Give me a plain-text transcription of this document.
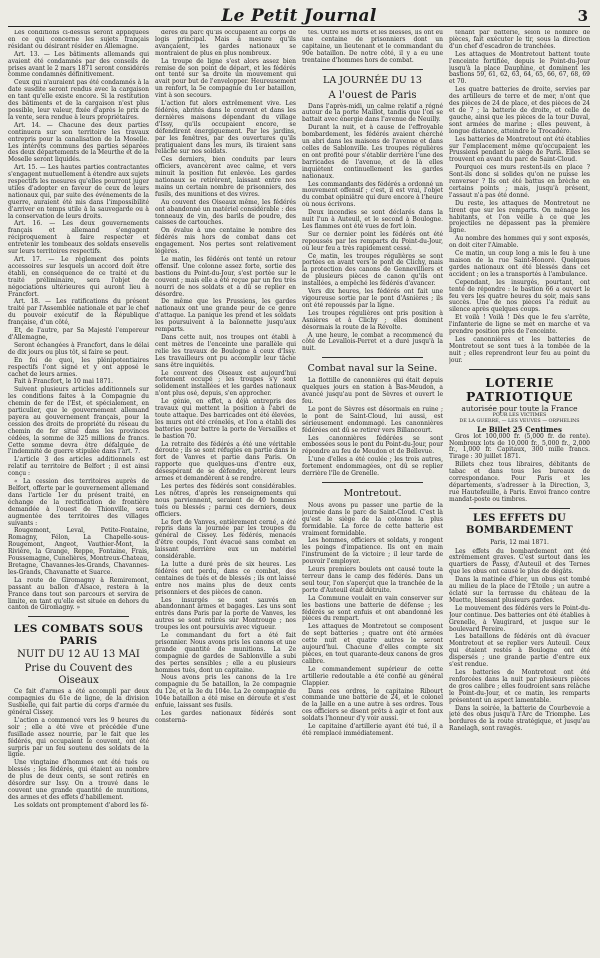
Le Petit Journal	3

Les conditions ci-dessus seront appliquées en ce qui concerne les sujets français résidant ou désirant résider en Allemagne.

Art. 13. — Les bâtiments allemands qui avaient été condamnés par des conseils de prises avant le 2 mars 1871 seront considérés comme condamnés définitivement.

Ceux qui n'auraient pas été condamnés à la date susdite seront rendus avec la cargaison en tant qu'elle existe encore. Si la restitution des bâtiments et de la cargaison n'est plus possible, leur valeur, fixée d'après le prix de la vente, sera rendue à leurs propriétaires.

Art. 14. — Chacune des deux parties continuera sur son territoire les travaux entrepris pour la canalisation de la Moselle. Les intérêts communs des parties séparées des deux départements de la Meurthe et de la Moselle seront liquidés.

Art. 15. — Les hautes parties contractantes s'engagent mutuellement à étendre aux sujets respectifs les mesures qu'elles pourront juger utiles d'adopter en faveur de ceux de leurs nationaux qui, par suite des événements de la guerre, auraient été mis dans l'impossibilité d'arriver en temps utile à la sauvegarde ou à la conservation de leurs droits.

Art. 16. — Les deux gouvernements français et allemand s'engagent réciproquement à faire respecter et entretenir les tombeaux des soldats ensevelis sur leurs territoires respectifs.

Art. 17. — Le règlement des points accessoires sur lesquels un accord doit être établi, en conséquence de ce traité et du traité préliminaire, sera l'objet de négociations ultérieures qui auront lieu à Francfort.

Art. 18. — Les ratifications du présent traité par l'Assemblée nationale et par le chef du pouvoir exécutif de la République française, d'un côté,

Et, de l'autre, par Sa Majesté l'empereur d'Allemagne,

Seront échangées à Francfort, dans le délai de dix jours ou plus tôt, si faire se peut.

En foi de quoi, les plénipotentiaires respectifs l'ont signé et y ont apposé le cachet de leurs armes.

Fait à Francfort, le 10 mai 1871.

Suivent plusieurs articles additionnels sur les conditions faites à la Compagnie du chemin de fer de l'Est, et spécialement, en particulier, que le gouvernement allemand payera au gouvernement français, pour la cession des droits de propriété du réseau du chemin de fer situé dans les provinces cédées, la somme de 325 millions de francs. Cette somme devra être défalquée de l'indemnité de guerre stipulée dans l'art. 7.

L'article 3 des articles additionnels est relatif au territoire de Belfort ; il est ainsi conçu :

« La cession des territoires auprès de Belfort, offerte par le gouvernement allemand dans l'article 1er du présent traité, en échange de la rectification de frontière demandée à l'ouest de Thionville, sera augmentée des territoires des villages suivants :

Rougemont, Leval, Petite-Fontaine, Romagny, Félon, La Chapelle-sous-Rougemont, Angeot, Vauthier-Mont, la Rivière, la Grange, Reppe, Fontaine, Frais, Foussemagne, Cunelières, Montreux-Chateau, Bretagne, Chavannes-les-Grands, Chavannes-les-Grands, Chavanatte et Suarce.

La route de Giromagny à Remiremont, passant au ballon d'Alsace, restera à la France dans tout son parcours et servira de limite, en tant qu'elle est située en dehors du canton de Giromagny. »

LES COMBATS SOUS PARIS
NUIT DU 12 AU 13 MAI
Prise du Couvent des Oiseaux

Ce fait d'armes a été accompli par deux compagnies du 61e de ligne, de la division Susbielle, qui fait partie du corps d'armée du général Cissey.

L'action a commencé vers les 9 heures du soir ; elle a été vive et précédée d'une fusillade assez nourrie, par le fait que les fédérés, qui occupaient le couvent, ont été surpris par un feu soutenu des soldats de la ligne.

Une vingtaine d'hommes ont été tués ou blessés ; les fédérés, qui étaient au nombre de plus de deux cents, se sont retirés en désordre sur Issy. On a trouvé dans le couvent une grande quantité de munitions, des armes et des effets d'habillement.

Les soldats ont promptement d'abord les fé-

dérés du parc qu'ils occupaient au corps de logis principal. Mais à mesure qu'ils avançaient, les gardes nationaux se montraient de plus en plus nombreux.

La troupe de ligne s'est alors assez bien remise de son point de départ, et les fédérés ont tenté sur sa droite un mouvement qui avait pour but de l'envelopper. Heureusement un renfort, la 5e compagnie du 1er bataillon, vint à son secours.

L'action fut alors extrêmement vive. Les fédérés, abrités dans le couvent et dans les dernières maisons dépendant du village d'Issy, qu'ils occupaient encore, se défendirent énergiquement. Par les jardins, par les fenêtres, par des ouvertures qu'ils pratiquaient dans les murs, ils tiraient sans relâche sur nos soldats.

Ces derniers, bien conduits par leurs officiers, avancèrent avec calme, et vers minuit la position fut enlevée. Les gardes nationaux se retirèrent, laissant entre nos mains un certain nombre de prisonniers, des fusils, des munitions et des vivres.

Au couvent des Oiseaux même, les fédérés ont abandonné un matériel considérable : des tonneaux de vin, des barils de poudre, des caisses de cartouches.

On évalue à une centaine le nombre des fédérés mis hors de combat dans cet engagement. Nos pertes sont relativement légères.

Le matin, les fédérés ont tenté un retour offensif. Une colonne assez forte, sortie des bastions du Point-du-Jour, s'est portée sur le couvent ; mais elle a été reçue par un feu très nourri de nos soldats et a dû se replier en désordre.

De même que les Prussiens, les gardes nationaux ont une grande peur de ce genre d'attaque. La panique les prend et les soldats les poursuivent à la baïonnette jusqu'aux remparts.

Dans cette nuit, nos troupes ont établi à cent mètres de l'enceinte une parallèle qui relie les travaux de Boulogne à ceux d'Issy. Les travailleurs ont pu accomplir leur tâche sans être inquiétés.

Le couvent des Oiseaux est aujourd'hui fortement occupé ; les troupes s'y sont solidement installées et les gardes nationaux n'ont plus osé, depuis, s'en approcher.

Le génie, en effet, a déjà entrepris des travaux qui mettent la position à l'abri de toute attaque. Des barricades ont été élevées, les murs ont été crénelés, et l'on a établi des batteries pour battre la porte de Versailles et le bastion 70.

La retraite des fédérés a été une véritable déroute ; ils se sont réfugiés en partie dans le fort de Vanves et partie dans Paris. On rapporte que quelques-uns d'entre eux, désespérant de se défendre, jetèrent leurs armes et demandèrent à se rendre.

Les pertes des fédérés sont considérables. Les nôtres, d'après les renseignements qui nous parviennent, seraient de 40 hommes tués ou blessés ; parmi ces derniers, deux officiers.

Le fort de Vanves, entièrement cerné, a été repris dans la journée par les troupes du général de Cissey. Les fédérés, menacés d'être coupés, l'ont évacué sans combat en laissant derrière eux un matériel considérable.

La lutte a duré près de six heures. Les fédérés ont perdu, dans ce combat, des centaines de tués et de blessés ; ils ont laissé entre nos mains plus de deux cents prisonniers et des pièces de canon.

Les insurgés se sont sauvés en abandonnant armes et bagages. Les uns sont entrés dans Paris par la porte de Vanves, les autres se sont retirés sur Montrouge ; nos troupes les ont poursuivis avec vigueur.

Le commandant du fort a été fait prisonnier. Nous avons pris les canons et une grande quantité de munitions. La 2e compagnie de gardes de Sablonville a subi des pertes sensibles ; elle a eu plusieurs hommes tués, dont un capitaine.

Nous avons pris les canons de la 1re compagnie du 5e bataillon, la 2e compagnie du 12e, et la 3e du 104e. La 2e compagnie du 104e bataillon a été mise en déroute et s'est enfuie, laissant ses fusils.

Les gardes nationaux fédérés sont consterna-

tés. Outre les morts et les blessés, ils ont eu une centaine de prisonniers dont un capitaine, un lieutenant et le commandant du 90e bataillon. De notre côté, il y a eu une trentaine d'hommes hors de combat.

LA JOURNÉE DU 13
A l'ouest de Paris

Dans l'après-midi, un calme relatif a régné autour de la porte Maillot, tandis que l'on se battait avec énergie dans l'avenue de Neuilly.

Durant la nuit, et à cause de l'effroyable bombardement, les fédérés avaient cherché un abri dans les maisons de l'avenue et dans celles de Sablonville. Les troupes régulières en ont profité pour s'établir derrière l'une des barricades de l'avenue, et de là elles inquiètent continuellement les gardes nationaux.

Les commandants des fédérés a ordonné un mouvement offensif ; c'est, il est vrai, l'objet du combat opiniâtre qui dure encore à l'heure où nous écrivons.

Deux incendies se sont déclarés dans la nuit l'un à Auteuil, et le second à Boulogne. Les flammes ont été vues de fort loin.

Sur ce dernier point les fédérés ont été repoussés par les remparts du Point-du-Jour, où leur feu a très rapidement cessé.

Ce matin, les troupes régulières se sont portées en avant vers le pont de Clichy, mais la protection des canons de Gennevilliers et de plusieurs pièces de canon qu'ils ont installées, a empêché les fédérés d'avancer.

Vers dix heures, les fédérés ont fait une vigoureuse sortie par le pont d'Asnières ; ils ont été repoussés par la ligne.

Les troupes régulières ont pris position à Asnières et à Clichy ; elles dominent désormais la route de la Révolte.

A une heure, le combat a recommencé du côté de Levallois-Perret et a duré jusqu'à la nuit.

Combat naval sur la Seine.

La flottille de canonnières qui était depuis quelques jours en station à Bas-Meudon, a avancé jusqu'au pont de Sèvres et ouvert le feu.

Le pont de Sèvres est désormais en ruine ; le pont de Saint-Cloud, lui aussi, est sérieusement endommagé. Les canonnières fédérées ont dû se retirer vers Billancourt.

Les canonnières fédérées se sont embossées sous le pont du Point-du-Jour, pour répondre au feu de Meudon et de Bellevue.

L'une d'elles a été coulée ; les trois autres, fortement endommagées, ont dû se replier derrière l'île de Grenelle.

Montretout.

Nous avons pu passer une partie de la journée dans le parc de Saint-Cloud. C'est là qu'est le siège de la colonne la plus formidable. La force de cette batterie est vraiment formidable.

Les hommes, officiers et soldats, y rongent les poings d'impatience. Ils ont en main l'instrument de la victoire ; il leur tarde de pouvoir l'employer.

Leurs premiers boulets ont causé toute la terreur dans le camp des fédérés. Dans un seul tour, l'on s'aperçut que la tranchée de la porte d'Auteuil était détruite.

La Commune voulait en vain conserver sur les bastions une batterie de défense ; les fédérés se sont enfuis et ont abandonné les pièces du rempart.

Les attaques de Montretout se composent de sept batteries ; quatre ont été armées cette nuit et quatre autres le seront aujourd'hui. Chacune d'elles compte six pièces, en tout quarante-deux canons de gros calibre.

Le commandement supérieur de cette artillerie redoutable a été confié au général Clappier.

Dans ces ordres, le capitaine Ribourt commande une batterie de 24, et le colonel de la Jaille en a une autre à ses ordres. Tous ces officiers se disent prêts à agir et font aux soldats l'honneur d'y voir aussi.

Le capitaine d'artillerie ayant été tué, il a été remplacé immédiatement.

tenant par batterie, selon le nombre de pièces, fait exécuter le tir, sous la direction d'un chef d'escadron de tranchées.

Les attaques de Montretout battent toute l'enceinte fortifiée, depuis le Point-du-Jour jusqu'à la place Dauphine, et dominent les bastions 59, 61, 62, 63, 64, 65, 66, 67, 68, 69 et 70.

Les quatre batteries de droite, servies par des artilleurs de terre et de mer, n'ont que des pièces de 24 de place, et des pièces de 24 et de 7 ; la batterie de droite, et celle de gauche, ainsi que les pièces de la tour Duval, sont armées de marine ; elles peuvent, à longue distance, atteindre le Trocadéro.

Les batteries de Montretout ont été établies sur l'emplacement même qu'occupaient les Prussiens pendant le siège de Paris. Elles se trouvent en avant du parc de Saint-Cloud.

Pourquoi ces murs restent-ils en place ? Sont-ils donc si solides qu'on ne puisse les renverser ? Ils ont été battus en brèche en certains points ; mais, jusqu'à présent, l'assaut n'a pas été donné.

Du reste, les attaques de Montretout ne tirent que sur les remparts. On ménage les habitants, et l'on veille à ce que les projectiles ne dépassent pas la première ligne.

Au nombre des hommes qui y sont exposés, on doit citer l'Aimable.

Ce matin, un coup long a mis le feu à une maison de la rue Saint-Honoré. Quelques gardes nationaux ont été blessés dans cet accident ; on les a transportés à l'ambulance.

Cependant, les insurgés, pourtant, ont tenté de répondre : le bastion 66 a ouvert le feu vers les quatre heures du soir, mais sans succès. Une de nos pièces l'a réduit au silence après quelques coups.

Et voilà ! Voilà ! Dès que le feu s'arrête, l'infanterie de ligne se met en marche et va prendre position près de l'enceinte.

Les canonnières et les batteries de Montretout se sont tues à la tombée de la nuit ; elles reprendront leur feu au point du jour.

LOTERIE PATRIOTIQUE
autorisée pour toute la France
POUR LES VICTIMES
DE LA GUERRE, — LES VEUVES — ORPHELINS
Le Billet 25 Centimes

Gros lot 100,000 fr. (5,000 fr. de rente). Nombreux lots de 10,000 fr., 5,000 fr., 2,000 fr., 1,000 fr. Capitaux, 300 mille francs. Tirage : 30 juillet 1871.

Billets chez tous libraires, débitants de tabac et dans tous les bureaux de correspondance. Pour Paris et les départements, s'adresser à la Direction, 3, rue Hautefeuille, à Paris. Envoi franco contre mandat-poste ou timbres.

LES EFFETS DU BOMBARDEMENT
Paris, 12 mai 1871.

Les effets du bombardement ont été extrêmement graves. C'est surtout dans les quartiers de Passy, d'Auteuil et des Ternes que les obus ont causé le plus de dégâts.

Dans la matinée d'hier, un obus est tombé au milieu de la place de l'Étoile ; un autre a éclaté sur la terrasse du château de la Muette, blessant plusieurs gardes.

Le mouvement des fédérés vers le Point-du-Jour continue. Des batteries ont été établies à Grenelle, à Vaugirard, et jusque sur le boulevard Pereire.

Les bataillons de fédérés ont dû évacuer Montretout et se replier vers Auteuil. Ceux qui étaient restés à Boulogne ont été dispersés ; une grande partie d'entre eux s'est rendue.

Les batteries de Montretout ont été renforcées dans la nuit par plusieurs pièces de gros calibre ; elles foudroient sans relâche le Point-du-Jour, et ce matin, les remparts présentent un aspect lamentable.

Dans la soirée, la batterie de Courbevoie a jeté des obus jusqu'à l'Arc de Triomphe. Les bordures de la route stratégique, et jusqu'au Ranelagh, sont ravagés.
